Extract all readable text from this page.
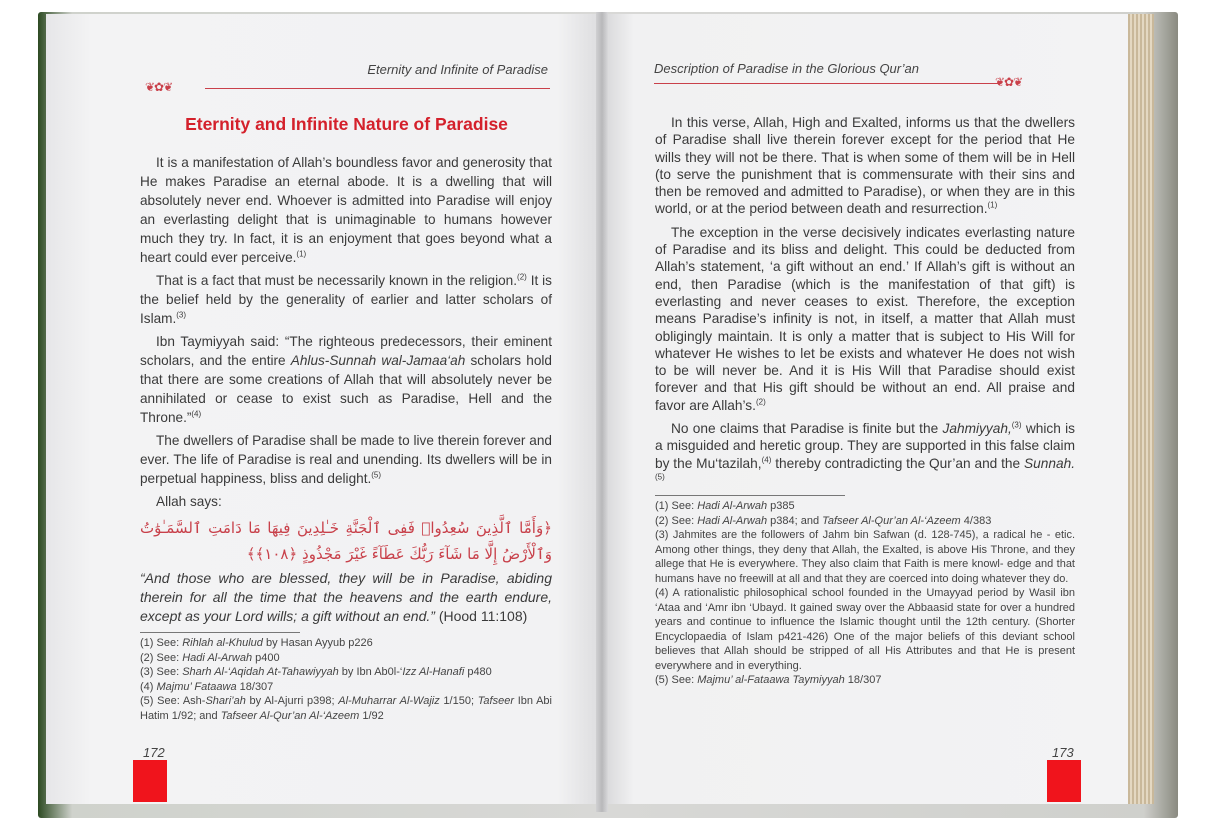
Eternity and Infinite of Paradise
❦✿❦
Eternity and Infinite Nature of Paradise

It is a manifestation of Allah’s boundless favor and generosity that He makes Paradise an eternal abode. It is a dwelling that will absolutely never end. Whoever is admitted into Paradise will enjoy an everlasting delight that is unimaginable to humans however much they try. In fact, it is an enjoyment that goes beyond what a heart could ever perceive.$^{(1)}$

That is a fact that must be necessarily known in the religion.$^{(2)}$ It is the belief held by the generality of earlier and latter scholars of Islam.$^{(3)}$

Ibn Taymiyyah said: “The righteous predecessors, their eminent scholars, and the entire Ahlus-Sunnah wal-Jamaa‘ah scholars hold that there are some creations of Allah that will absolutely never be annihilated or cease to exist such as Paradise, Hell and the Throne.”$^{(4)}$

The dwellers of Paradise shall be made to live therein forever and ever. The life of Paradise is real and unending. Its dwellers will be in perpetual happiness, bliss and delight.$^{(5)}$

Allah says:

﴿وَأَمَّا ٱلَّذِينَ سُعِدُوا۟ فَفِى ٱلْجَنَّةِ خَـٰلِدِينَ فِيهَا مَا دَامَتِ ٱلسَّمَـٰوَٰتُ وَٱلْأَرْضُ إِلَّا مَا شَآءَ رَبُّكَ عَطَآءً غَيْرَ مَجْذُوذٍ ﴿١٠٨﴾﴾
“And those who are blessed, they will be in Paradise, abiding therein for all the time that the heavens and the earth endure, except as your Lord wills; a gift without an end.” (Hood 11:108)
(1) See: Rihlah al-Khulud by Hasan Ayyub p226
(2) See: Hadi Al-Arwah p400
(3) See: Sharh Al-‘Aqidah At-Tahawiyyah by Ibn Ab0l-‘Izz Al-Hanafi p480
(4) Majmu’ Fataawa 18/307
(5) See: Ash-Shari’ah by Al-Ajurri p398; Al-Muharrar Al-Wajiz 1/150; Tafseer Ibn Abi Hatim 1/92; and Tafseer Al-Qur’an Al-‘Azeem 1/92
172
Description of Paradise in the Glorious Qur’an
❦✿❦

In this verse, Allah, High and Exalted, informs us that the dwellers of Paradise shall live therein forever except for the period that He wills they will not be there. That is when some of them will be in Hell (to serve the punishment that is commensurate with their sins and then be removed and admitted to Paradise), or when they are in this world, or at the period between death and resurrection.$^{(1)}$

The exception in the verse decisively indicates everlasting nature of Paradise and its bliss and delight. This could be deducted from Allah’s statement, ‘a gift without an end.’ If Allah’s gift is without an end, then Paradise (which is the manifestation of that gift) is everlasting and never ceases to exist. Therefore, the exception means Paradise’s infinity is not, in itself, a matter that Allah must obligingly maintain. It is only a matter that is subject to His Will for whatever He wishes to let be exists and whatever He does not wish to be will never be. And it is His Will that Paradise should exist forever and that His gift should be without an end. All praise and favor are Allah’s.$^{(2)}$

No one claims that Paradise is finite but the Jahmiyyah,$^{(3)}$ which is a misguided and heretic group. They are supported in this false claim by the Mu‘tazilah,$^{(4)}$ thereby contradicting the Qur’an and the Sunnah.$^{(5)}$

(1) See: Hadi Al-Arwah p385
(2) See: Hadi Al-Arwah p384; and Tafseer Al-Qur’an Al-‘Azeem 4/383
(3) Jahmites are the followers of Jahm bin Safwan (d. 128-745), a radical he - etic. Among other things, they deny that Allah, the Exalted, is above His Throne, and they allege that He is everywhere. They also claim that Faith is mere knowl- edge and that humans have no freewill at all and that they are coerced into doing whatever they do.
(4) A rationalistic philosophical school founded in the Umayyad period by Wasil ibn ‘Ataa and ‘Amr ibn ‘Ubayd. It gained sway over the Abbaasid state for over a hundred years and continue to influence the Islamic thought until the 12th century. (Shorter Encyclopaedia of Islam p421-426) One of the major beliefs of this deviant school believes that Allah should be stripped of all His Attributes and that He is present everywhere and in everything.
(5) See: Majmu’ al-Fataawa Taymiyyah 18/307
173
